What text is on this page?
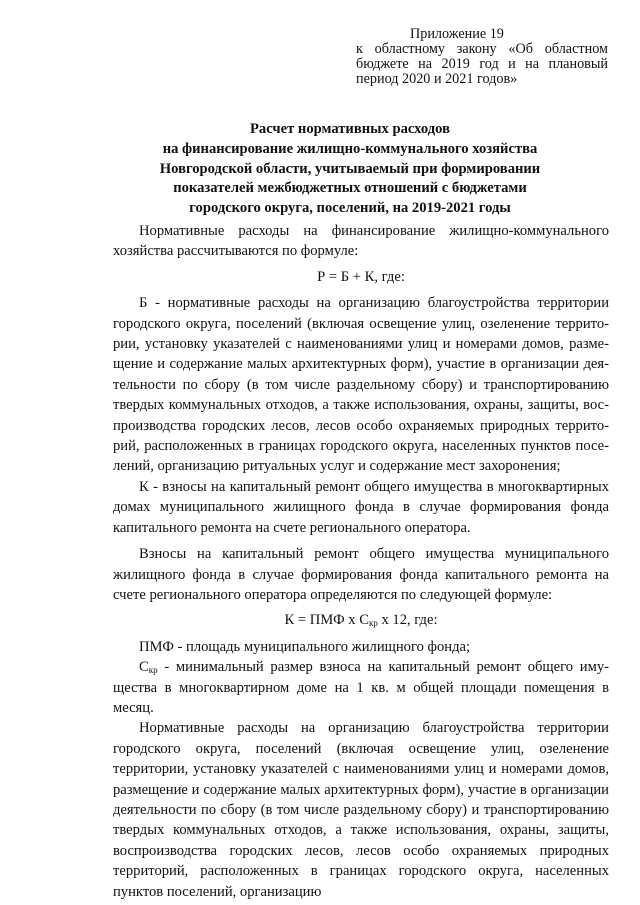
Приложение 19
к областному закону «Об областном бюджете на 2019 год и на плановый период 2020 и 2021 годов»
Расчет нормативных расходов
на финансирование жилищно-коммунального хозяйства
Новгородской области, учитываемый при формировании
показателей межбюджетных отношений с бюджетами
городского округа, поселений, на 2019-2021 годы

Нормативные расходы на финансирование жилищно-коммунального хозяйства рассчитываются по формуле:

Р = Б + К, где:

Б - нормативные расходы на организацию благоустройства территории городского округа, поселений (включая освещение улиц, озеленение территории, установку указателей с наименованиями улиц и номерами домов, размещение и содержание малых архитектурных форм), участие в организации деятельности по сбору (в том числе раздельному сбору) и транспортированию твердых коммунальных отходов, а также использования, охраны, защиты, воспроизводства городских лесов, лесов особо охраняемых природных территорий, расположенных в границах городского округа, населенных пунктов поселений, организацию ритуальных услуг и содержание мест захоронения;

К - взносы на капитальный ремонт общего имущества в многоквартирных домах муниципального жилищного фонда в случае формирования фонда капитального ремонта на счете регионального оператора.

Взносы на капитальный ремонт общего имущества муниципального жилищного фонда в случае формирования фонда капитального ремонта на счете регионального оператора определяются по следующей формуле:

К = ПМФ х $С_{кр}$ х 12, где:

ПМФ - площадь муниципального жилищного фонда;

$С_{кр}$ - минимальный размер взноса на капитальный ремонт общего имущества в многоквартирном доме на 1 кв. м общей площади помещения в месяц.

Нормативные расходы на организацию благоустройства территории городского округа, поселений (включая освещение улиц, озеленение территории, установку указателей с наименованиями улиц и номерами домов, размещение и содержание малых архитектурных форм), участие в организации деятельности по сбору (в том числе раздельному сбору) и транспортированию твердых коммунальных отходов, а также использования, охраны, защиты, воспроизводства городских лесов, лесов особо охраняемых природных территорий, расположенных в границах городского округа, населенных пунктов поселений, организацию
